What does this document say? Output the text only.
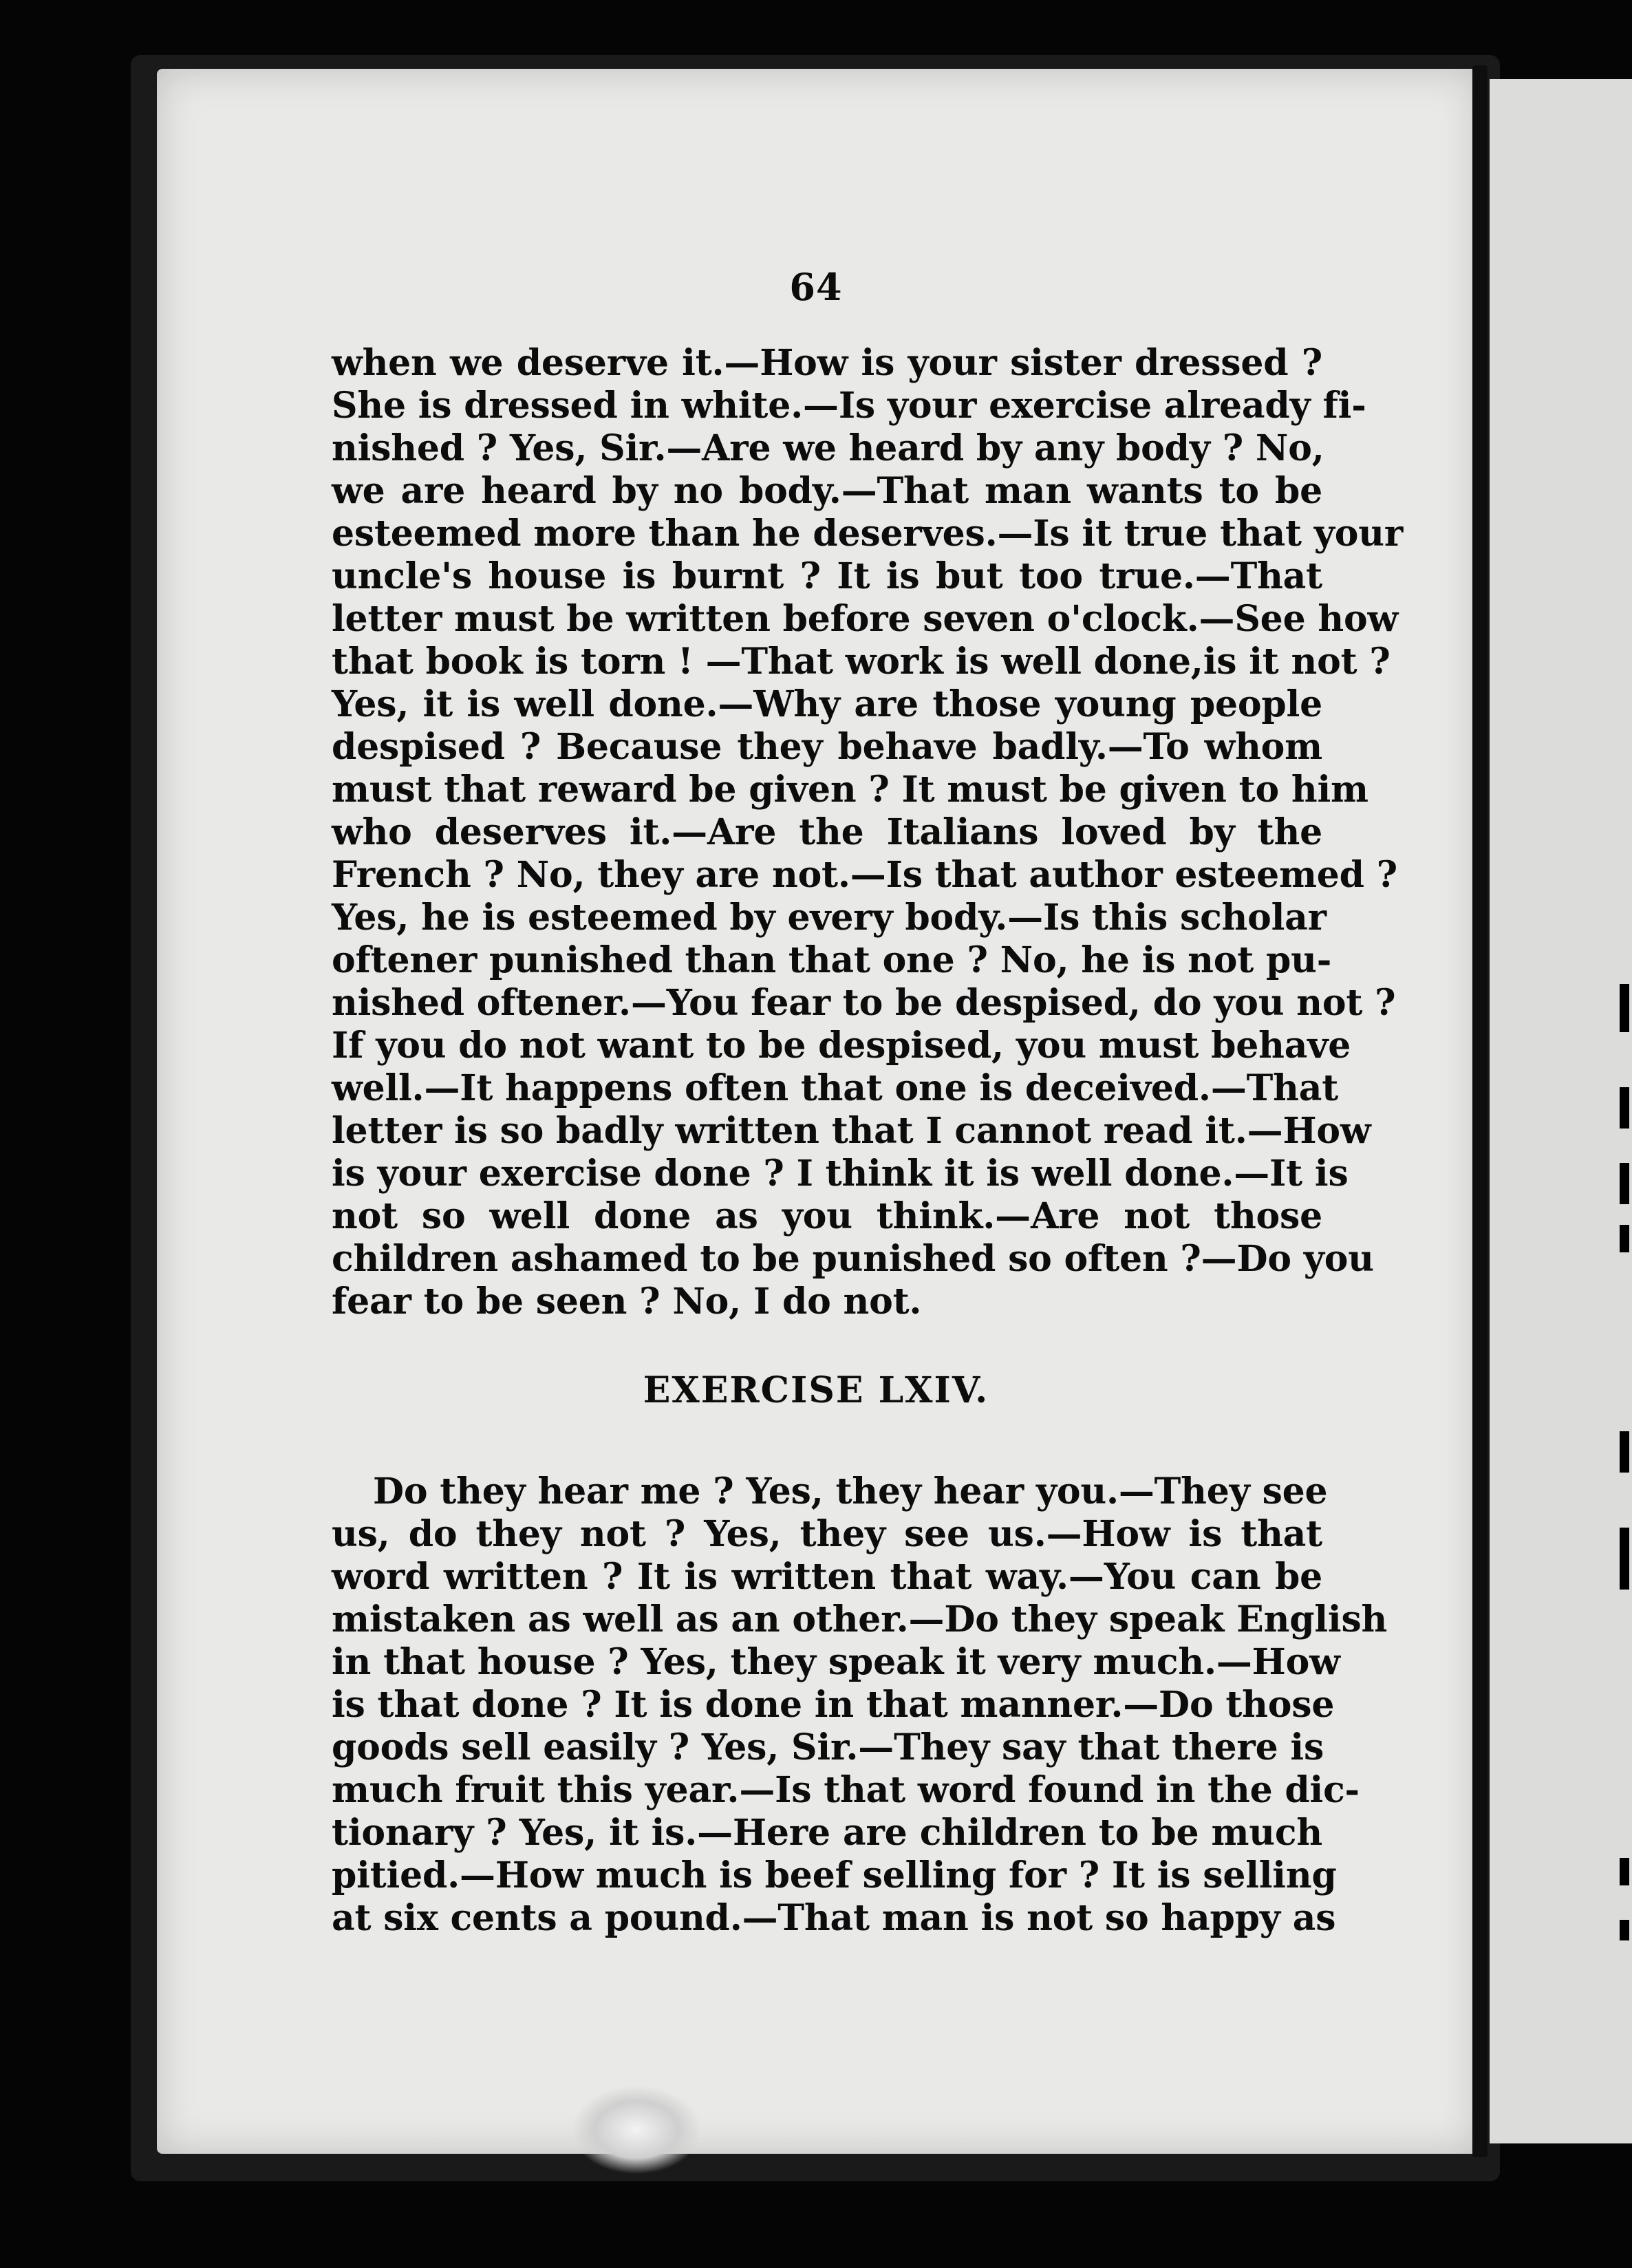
64
when we deserve it.—How is your sister dressed ?
She is dressed in white.—Is your exercise already fi-
nished ? Yes, Sir.—Are we heard by any body ? No,
we are heard by no body.—That man wants to be
esteemed more than he deserves.—Is it true that your
uncle's house is burnt ? It is but too true.—That
letter must be written before seven o'clock.—See how
that book is torn ! —That work is well done,is it not ?
Yes, it is well done.—Why are those young people
despised ? Because they behave badly.—To whom
must that reward be given ? It must be given to him
who deserves it.—Are the Italians loved by the
French ? No, they are not.—Is that author esteemed ?
Yes, he is esteemed by every body.—Is this scholar
oftener punished than that one ? No, he is not pu-
nished oftener.—You fear to be despised, do you not ?
If you do not want to be despised, you must behave
well.—It happens often that one is deceived.—That
letter is so badly written that I cannot read it.—How
is your exercise done ? I think it is well done.—It is
not so well done as you think.—Are not those
children ashamed to be punished so often ?—Do you
fear to be seen ? No, I do not.
EXERCISE LXIV.
Do they hear me ? Yes, they hear you.—They see
us, do they not ? Yes, they see us.—How is that
word written ? It is written that way.—You can be
mistaken as well as an other.—Do they speak English
in that house ? Yes, they speak it very much.—How
is that done ? It is done in that manner.—Do those
goods sell easily ? Yes, Sir.—They say that there is
much fruit this year.—Is that word found in the dic-
tionary ? Yes, it is.—Here are children to be much
pitied.—How much is beef selling for ? It is selling
at six cents a pound.—That man is not so happy as
